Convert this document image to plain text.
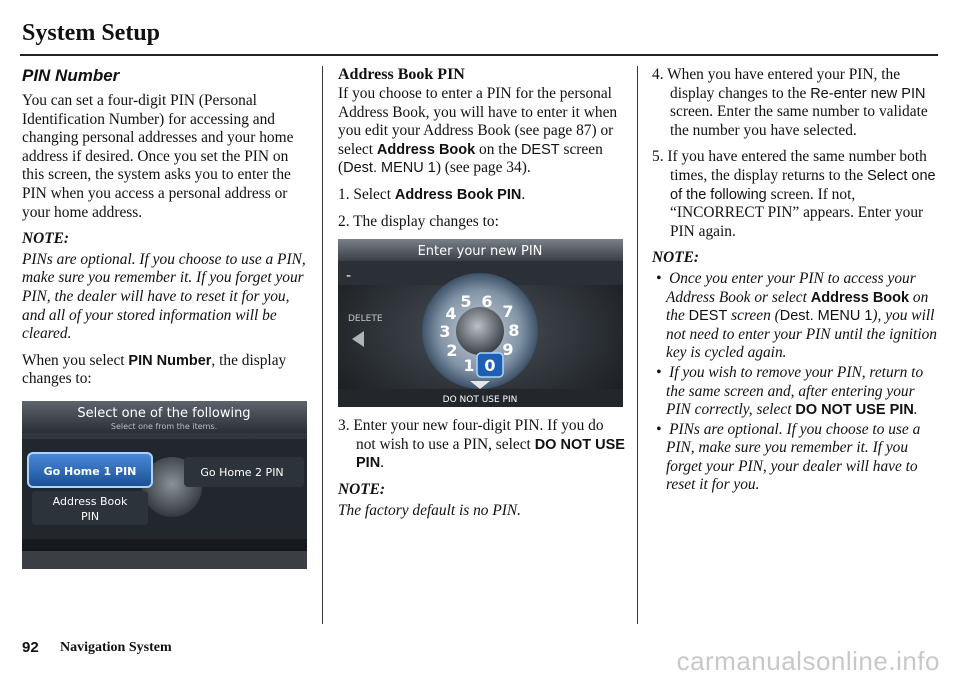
System Setup
PIN Number

You can set a four-digit PIN (Personal Identification Number) for accessing and changing personal addresses and your home address if desired. Once you set the PIN on this screen, the system asks you to enter the PIN when you access a personal address or your home address.

NOTE:

PINs are optional. If you choose to use a PIN, make sure you remember it. If you forget your PIN, the dealer will have to reset it for you, and all of your stored information will be cleared.

When you select PIN Number, the display changes to:

Select one of the following
Select one from the items.
Go Home 1 PIN	Go Home 2 PIN
Address Book
PIN
Address Book PIN

If you choose to enter a PIN for the personal Address Book, you will have to enter it when you edit your Address Book (see page 87) or select Address Book on the DEST screen (Dest. MENU 1) (see page 34).

1. Select Address Book PIN.

2. The display changes to:

Enter your new PIN
-
DELETE
0
1
2
3
4
5 6
7
8
9
DO NOT USE PIN

3. Enter your new four-digit PIN. If you do not wish to use a PIN, select DO NOT USE PIN.

NOTE:

The factory default is no PIN.

4. When you have entered your PIN, the display changes to the Re-enter new PIN screen. Enter the same number to validate the number you have selected.

5. If you have entered the same number both times, the display returns to the Select one of the following screen. If not, “INCORRECT PIN” appears. Enter your PIN again.

NOTE:

•  Once you enter your PIN to access your Address Book or select Address Book on the DEST screen (Dest. MENU 1), you will not need to enter your PIN until the ignition key is cycled again.
•  If you wish to remove your PIN, return to the same screen and, after entering your PIN correctly, select DO NOT USE PIN.
•  PINs are optional. If you choose to use a PIN, make sure you remember it. If you forget your PIN, your dealer will have to reset it for you.
92 Navigation System	carmanualsonline.info
